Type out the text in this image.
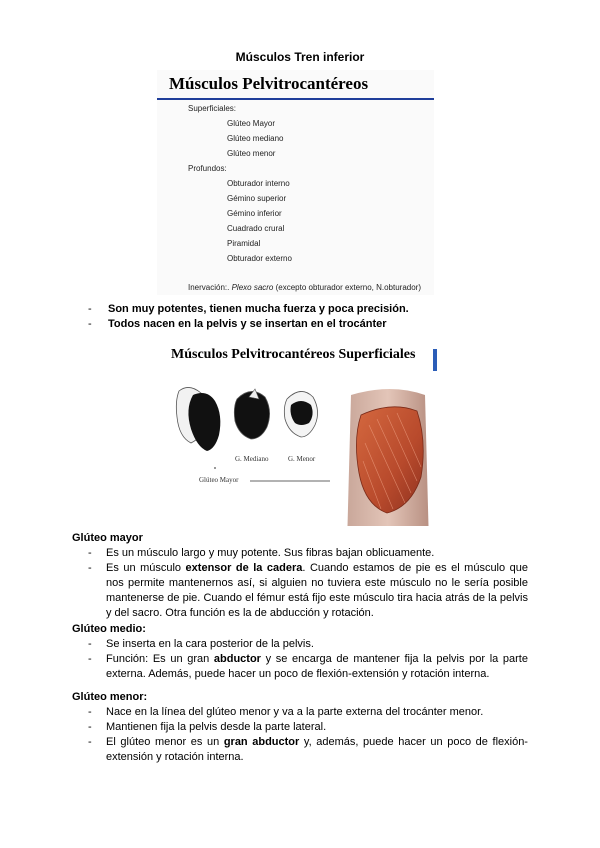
Músculos Tren inferior
Músculos Pelvitrocantéreos
Superficiales:
Glúteo Mayor
Glúteo mediano
Glúteo menor
Profundos:
Obturador interno
Gémino superior
Gémino inferior
Cuadrado crural
Piramidal
Obturador externo
Inervación:. Plexo sacro (excepto obturador externo, N.obturador)
- Son muy potentes, tienen mucha fuerza y poca precisión.
- Todos nacen en la pelvis y se insertan en el trocánter
Músculos Pelvitrocantéreos Superficiales
G. Mediano	G. Menor
Glúteo Mayor
Glúteo mayor
- Es un músculo largo y muy potente. Sus fibras bajan oblicuamente.
- Es un músculo extensor de la cadera. Cuando estamos de pie es el músculo que nos permite mantenernos así, si alguien no tuviera este músculo no le sería posible mantenerse de pie. Cuando el fémur está fijo este músculo tira hacia atrás de la pelvis y del sacro. Otra función es la de abducción y rotación.
Glúteo medio:
- Se inserta en la cara posterior de la pelvis.
- Función: Es un gran abductor y se encarga de mantener fija la pelvis por la parte externa. Además, puede hacer un poco de flexión-extensión y rotación interna.
Glúteo menor:
- Nace en la línea del glúteo menor y va a la parte externa del trocánter menor.
- Mantienen fija la pelvis desde la parte lateral.
- El glúteo menor es un gran abductor y, además, puede hacer un poco de flexión-extensión y rotación interna.
